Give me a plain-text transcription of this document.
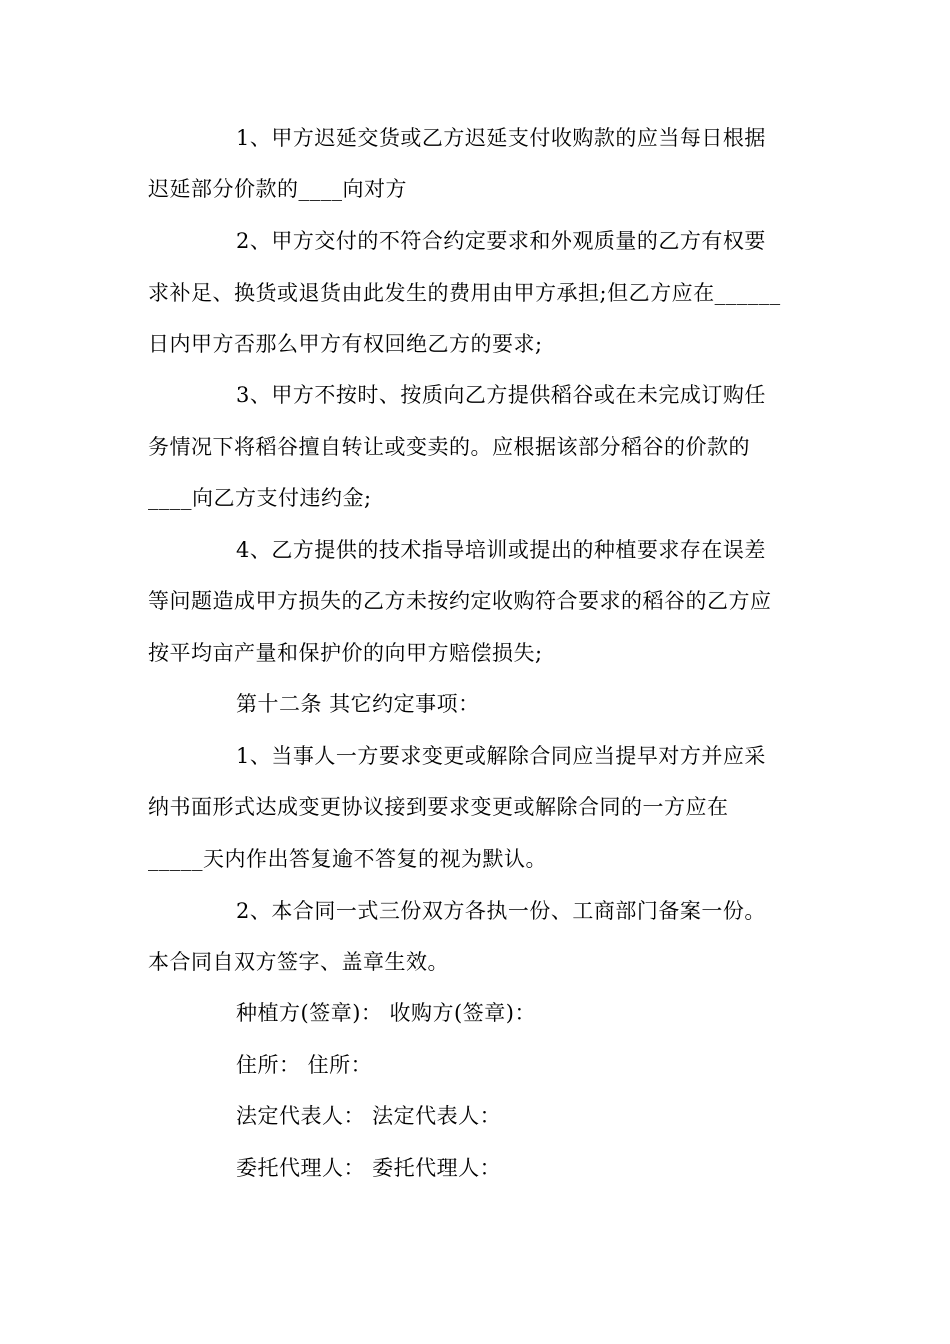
1、甲方迟延交货或乙方迟延支付收购款的应当每日根据
迟延部分价款的____向对方
2、甲方交付的不符合约定要求和外观质量的乙方有权要
求补足、换货或退货由此发生的费用由甲方承担;但乙方应在______
日内甲方否那么甲方有权回绝乙方的要求;
3、甲方不按时、按质向乙方提供稻谷或在未完成订购任
务情况下将稻谷擅自转让或变卖的。应根据该部分稻谷的价款的
____向乙方支付违约金;
4、乙方提供的技术指导培训或提出的种植要求存在误差
等问题造成甲方损失的乙方未按约定收购符合要求的稻谷的乙方应
按平均亩产量和保护价的向甲方赔偿损失;
第十二条 其它约定事项：
1、当事人一方要求变更或解除合同应当提早对方并应采
纳书面形式达成变更协议接到要求变更或解除合同的一方应在
_____天内作出答复逾不答复的视为默认。
2、本合同一式三份双方各执一份、工商部门备案一份。
本合同自双方签字、盖章生效。
种植方(签章)： 收购方(签章)：
住所： 住所：
法定代表人： 法定代表人：
委托代理人： 委托代理人：
